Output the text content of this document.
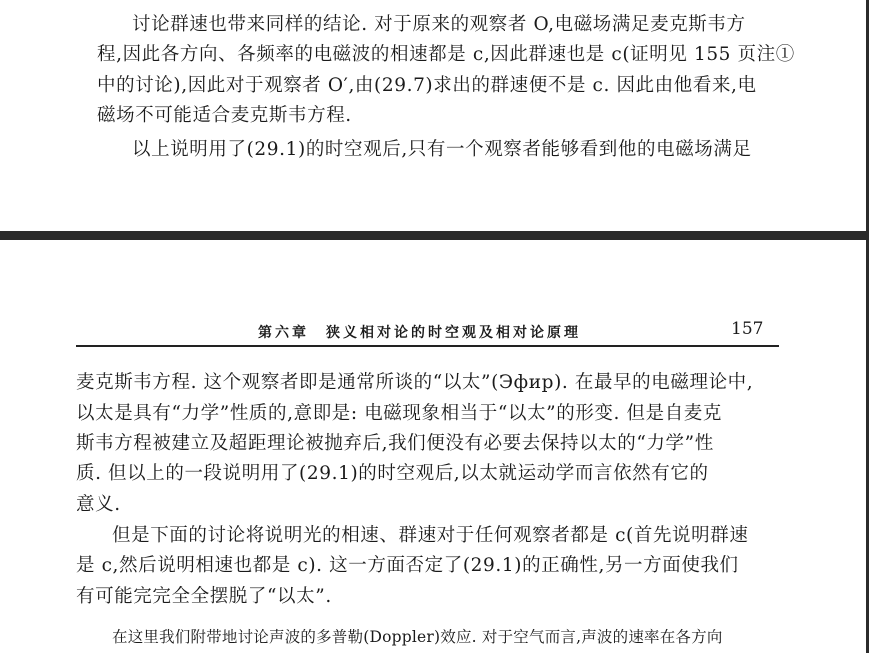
讨论群速也带来同样的结论. 对于原来的观察者 O,电磁场满足麦克斯韦方
程,因此各方向、各频率的电磁波的相速都是 c,因此群速也是 c(证明见 155 页注①
中的讨论),因此对于观察者 O′,由(29.7)求出的群速便不是 c. 因此由他看来,电
磁场不可能适合麦克斯韦方程.
以上说明用了(29.1)的时空观后,只有一个观察者能够看到他的电磁场满足
第六章　狭义相对论的时空观及相对论原理	157
麦克斯韦方程. 这个观察者即是通常所谈的“以太”(Эфир). 在最早的电磁理论中,
以太是具有“力学”性质的,意即是: 电磁现象相当于“以太”的形变. 但是自麦克
斯韦方程被建立及超距理论被抛弃后,我们便没有必要去保持以太的“力学”性
质. 但以上的一段说明用了(29.1)的时空观后,以太就运动学而言依然有它的
意义.
但是下面的讨论将说明光的相速、群速对于任何观察者都是 c(首先说明群速
是 c,然后说明相速也都是 c). 这一方面否定了(29.1)的正确性,另一方面使我们
有可能完完全全摆脱了“以太”.
在这里我们附带地讨论声波的多普勒(Doppler)效应. 对于空气而言,声波的速率在各方向
